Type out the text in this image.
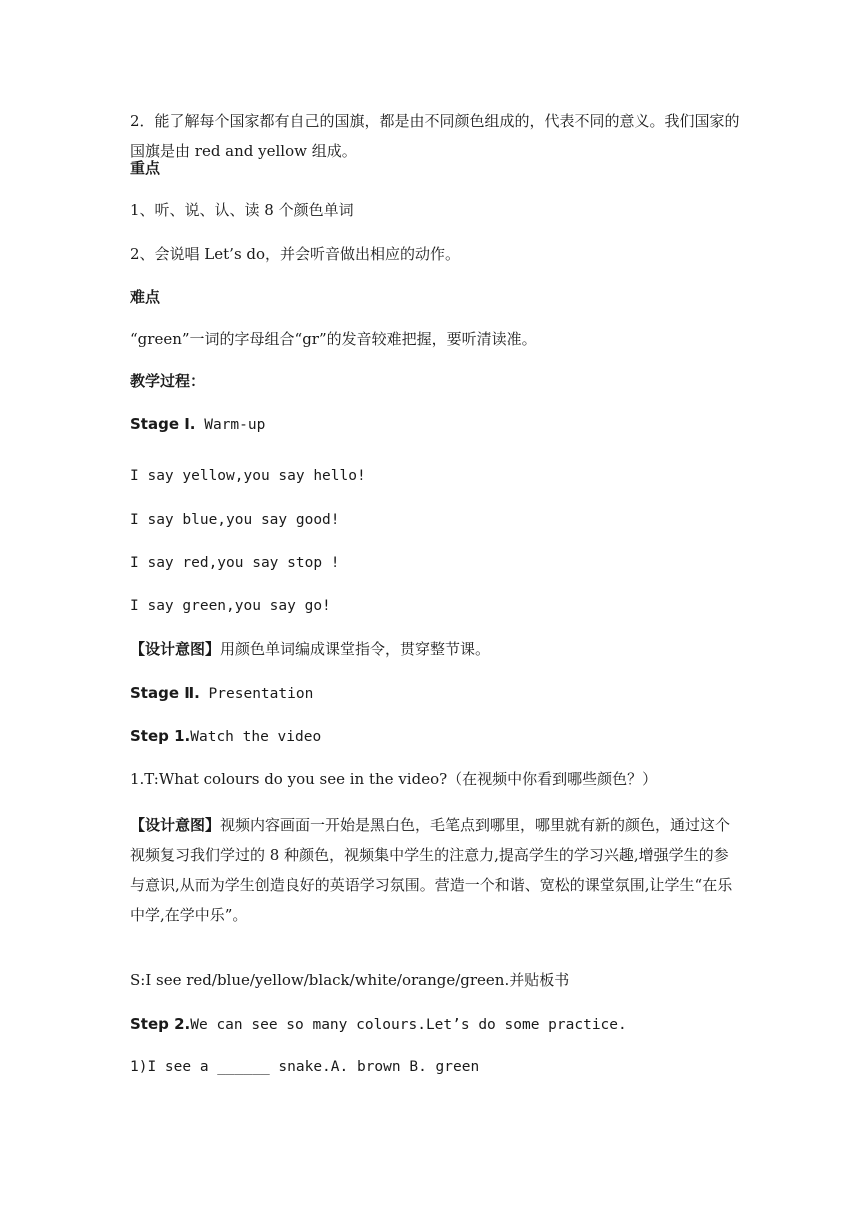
2．能了解每个国家都有自己的国旗，都是由不同颜色组成的，代表不同的意义。我们国家的国旗是由 red and yellow 组成。
重点
1、听、说、认、读 8 个颜色单词
2、会说唱 Let’s do，并会听音做出相应的动作。
难点
“green”一词的字母组合“gr”的发音较难把握，要听清读准。
教学过程：
Stage Ⅰ. Warm-up
I say yellow,you say hello!
I say blue,you say good!
I say red,you say stop !
I say green,you say go!
【设计意图】用颜色单词编成课堂指令，贯穿整节课。
Stage Ⅱ. Presentation
Step 1.Watch the video
1.T:What colours do you see in the video?（在视频中你看到哪些颜色？）
【设计意图】视频内容画面一开始是黑白色，毛笔点到哪里，哪里就有新的颜色，通过这个视频复习我们学过的 8 种颜色，视频集中学生的注意力,提高学生的学习兴趣,增强学生的参与意识,从而为学生创造良好的英语学习氛围。营造一个和谐、宽松的课堂氛围,让学生“在乐中学,在学中乐”。
S:I see red/blue/yellow/black/white/orange/green.并贴板书
Step 2.We can see so many colours.Let’s do some practice.
1)I see a ______ snake.A. brown B. green
